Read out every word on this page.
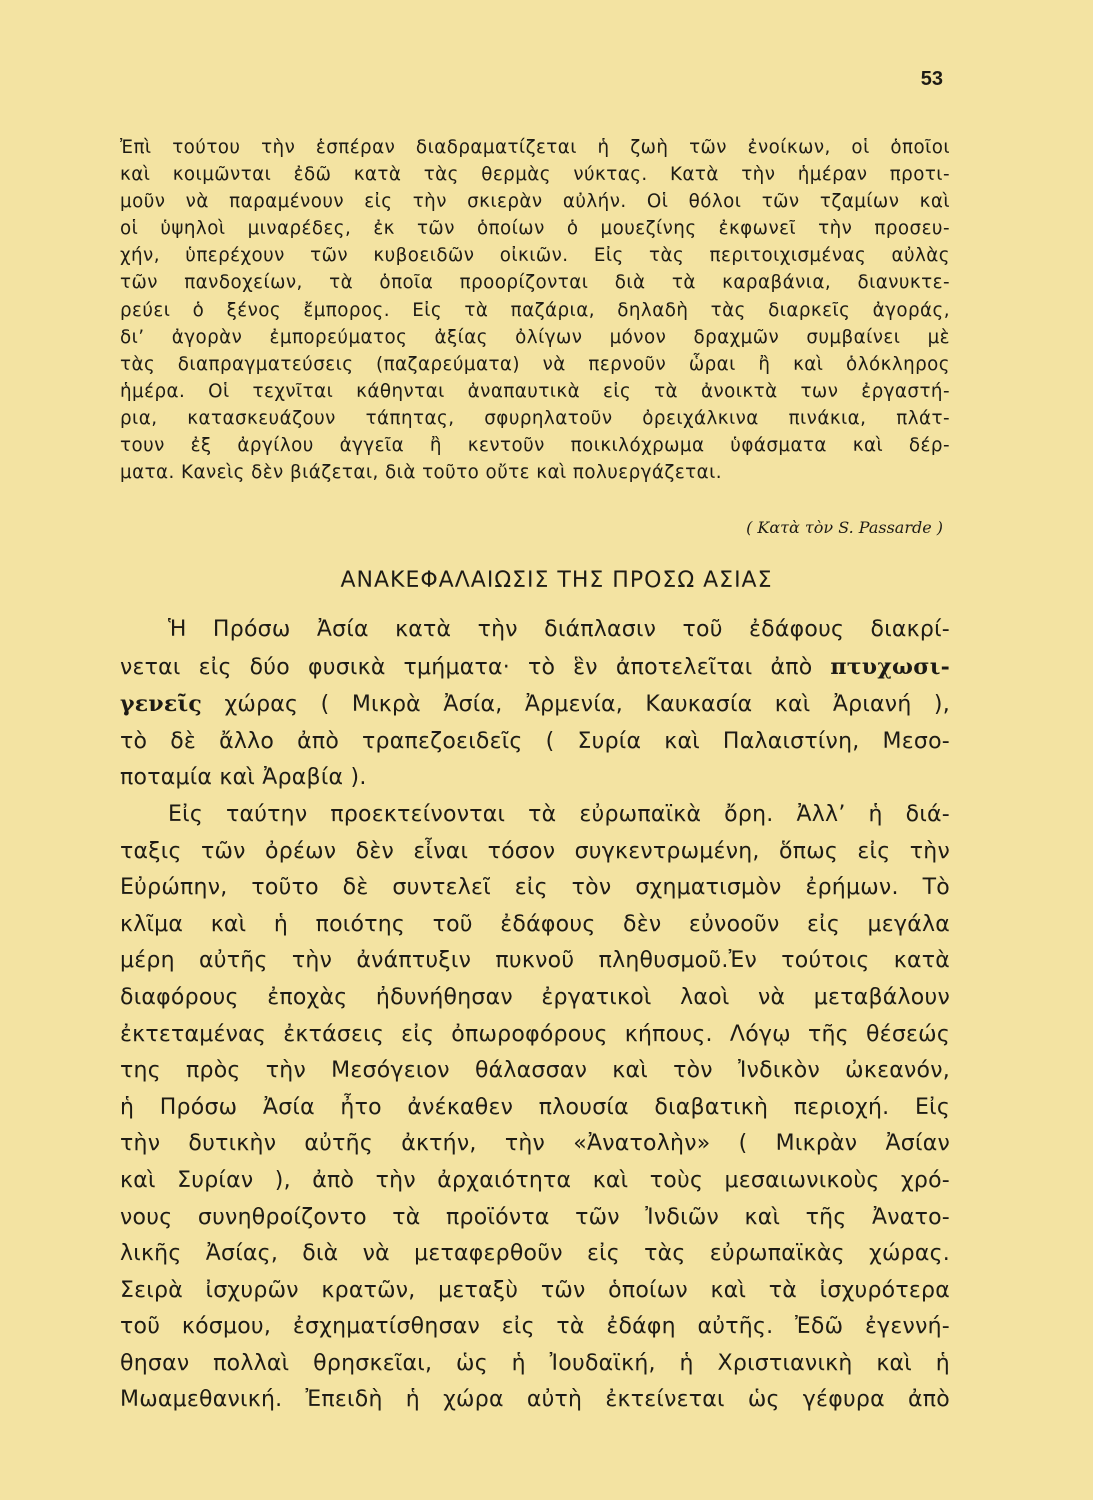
53
Ἐπὶ τούτου τὴν ἑσπέραν διαδραματίζεται ἡ ζωὴ τῶν ἐνοίκων, οἱ ὁποῖοι
καὶ κοιμῶνται ἐδῶ κατὰ τὰς θερμὰς νύκτας. Κατὰ τὴν ἡμέραν προτι-
μοῦν νὰ παραμένουν εἰς τὴν σκιερὰν αὐλήν. Οἱ θόλοι τῶν τζαμίων καὶ
οἱ ὑψηλοὶ μιναρέδες, ἐκ τῶν ὁποίων ὁ μουεζίνης ἐκφωνεῖ τὴν προσευ-
χήν, ὑπερέχουν τῶν κυβοειδῶν οἰκιῶν. Εἰς τὰς περιτοιχισμένας αὐλὰς
τῶν πανδοχείων, τὰ ὁποῖα προορίζονται διὰ τὰ καραβάνια, διανυκτε-
ρεύει ὁ ξένος ἔμπορος. Εἰς τὰ παζάρια, δηλαδὴ τὰς διαρκεῖς ἀγοράς,
δι’ ἀγορὰν ἐμπορεύματος ἀξίας ὀλίγων μόνον δραχμῶν συμβαίνει μὲ
τὰς διαπραγματεύσεις (παζαρεύματα) νὰ περνοῦν ὧραι ἢ καὶ ὁλόκληρος
ἡμέρα. Οἱ τεχνῖται κάθηνται ἀναπαυτικὰ εἰς τὰ ἀνοικτὰ των ἐργαστή-
ρια, κατασκευάζουν τάπητας, σφυρηλατοῦν ὀρειχάλκινα πινάκια, πλάτ-
τουν ἐξ ἀργίλου ἀγγεῖα ἢ κεντοῦν ποικιλόχρωμα ὑφάσματα καὶ δέρ-
ματα. Κανεὶς δὲν βιάζεται, διὰ τοῦτο οὔτε καὶ πολυεργάζεται.
( Κατὰ τὸν S. Passarde )
ΑΝΑΚΕΦΑΛΑΙΩΣΙΣ ΤΗΣ ΠΡΟΣΩ ΑΣΙΑΣ
Ἡ Πρόσω Ἀσία κατὰ τὴν διάπλασιν τοῦ ἐδάφους διακρί-
νεται εἰς δύο φυσικὰ τμήματα· τὸ ἓν ἀποτελεῖται ἀπὸ πτυχωσι-
γενεῖς χώρας ( Μικρὰ Ἀσία, Ἀρμενία, Καυκασία καὶ Ἀριανή ),
τὸ δὲ ἄλλο ἀπὸ τραπεζοειδεῖς ( Συρία καὶ Παλαιστίνη, Μεσο-
ποταμία καὶ Ἀραβία ).
Εἰς ταύτην προεκτείνονται τὰ εὐρωπαϊκὰ ὄρη. Ἀλλ’ ἡ διά-
ταξις τῶν ὀρέων δὲν εἶναι τόσον συγκεντρωμένη, ὅπως εἰς τὴν
Εὐρώπην, τοῦτο δὲ συντελεῖ εἰς τὸν σχηματισμὸν ἐρήμων. Τὸ
κλῖμα καὶ ἡ ποιότης τοῦ ἐδάφους δὲν εὐνοοῦν εἰς μεγάλα
μέρη αὐτῆς τὴν ἀνάπτυξιν πυκνοῦ πληθυσμοῦ.Ἐν τούτοις κατὰ
διαφόρους ἐποχὰς ἠδυνήθησαν ἐργατικοὶ λαοὶ νὰ μεταβάλουν
ἐκτεταμένας ἐκτάσεις εἰς ὀπωροφόρους κήπους. Λόγῳ τῆς θέσεώς
της πρὸς τὴν Μεσόγειον θάλασσαν καὶ τὸν Ἰνδικὸν ὠκεανόν,
ἡ Πρόσω Ἀσία ἦτο ἀνέκαθεν πλουσία διαβατικὴ περιοχή. Εἰς
τὴν δυτικὴν αὐτῆς ἀκτήν, τὴν «Ἀνατολὴν» ( Μικρὰν Ἀσίαν
καὶ Συρίαν ), ἀπὸ τὴν ἀρχαιότητα καὶ τοὺς μεσαιωνικοὺς χρό-
νους συνηθροίζοντο τὰ προϊόντα τῶν Ἰνδιῶν καὶ τῆς Ἀνατο-
λικῆς Ἀσίας, διὰ νὰ μεταφερθοῦν εἰς τὰς εὐρωπαϊκὰς χώρας.
Σειρὰ ἰσχυρῶν κρατῶν, μεταξὺ τῶν ὁποίων καὶ τὰ ἰσχυρότερα
τοῦ κόσμου, ἐσχηματίσθησαν εἰς τὰ ἐδάφη αὐτῆς. Ἐδῶ ἐγεννή-
θησαν πολλαὶ θρησκεῖαι, ὡς ἡ Ἰουδαϊκή, ἡ Χριστιανικὴ καὶ ἡ
Μωαμεθανική. Ἐπειδὴ ἡ χώρα αὐτὴ ἐκτείνεται ὡς γέφυρα ἀπὸ
